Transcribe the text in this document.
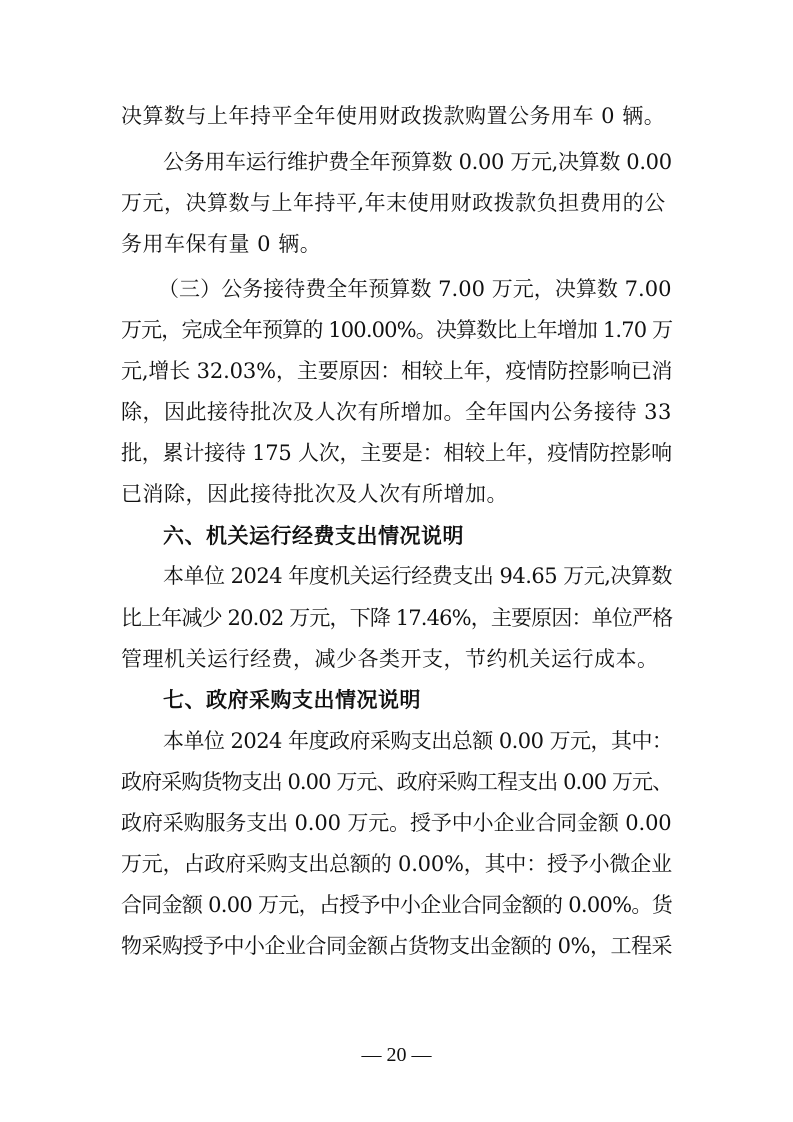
决算数与上年持平全年使用财政拨款购置公务用车 0 辆。
公务用车运行维护费全年预算数 0.00 万元,决算数 0.00
万元，决算数与上年持平,年末使用财政拨款负担费用的公
务用车保有量 0 辆。
（三）公务接待费全年预算数 7.00 万元，决算数 7.00
万元，完成全年预算的 100.00%。决算数比上年增加 1.70 万
元,增长 32.03%，主要原因：相较上年，疫情防控影响已消
除，因此接待批次及人次有所增加。全年国内公务接待 33
批，累计接待 175 人次，主要是：相较上年，疫情防控影响
已消除，因此接待批次及人次有所增加。
六、机关运行经费支出情况说明
本单位 2024 年度机关运行经费支出 94.65 万元,决算数
比上年减少 20.02 万元，下降 17.46%，主要原因：单位严格
管理机关运行经费，减少各类开支，节约机关运行成本。
七、政府采购支出情况说明
本单位 2024 年度政府采购支出总额 0.00 万元，其中：
政府采购货物支出 0.00 万元、政府采购工程支出 0.00 万元、
政府采购服务支出 0.00 万元。授予中小企业合同金额 0.00
万元，占政府采购支出总额的 0.00%，其中：授予小微企业
合同金额 0.00 万元，占授予中小企业合同金额的 0.00%。货
物采购授予中小企业合同金额占货物支出金额的 0%，工程采
— 20 —
